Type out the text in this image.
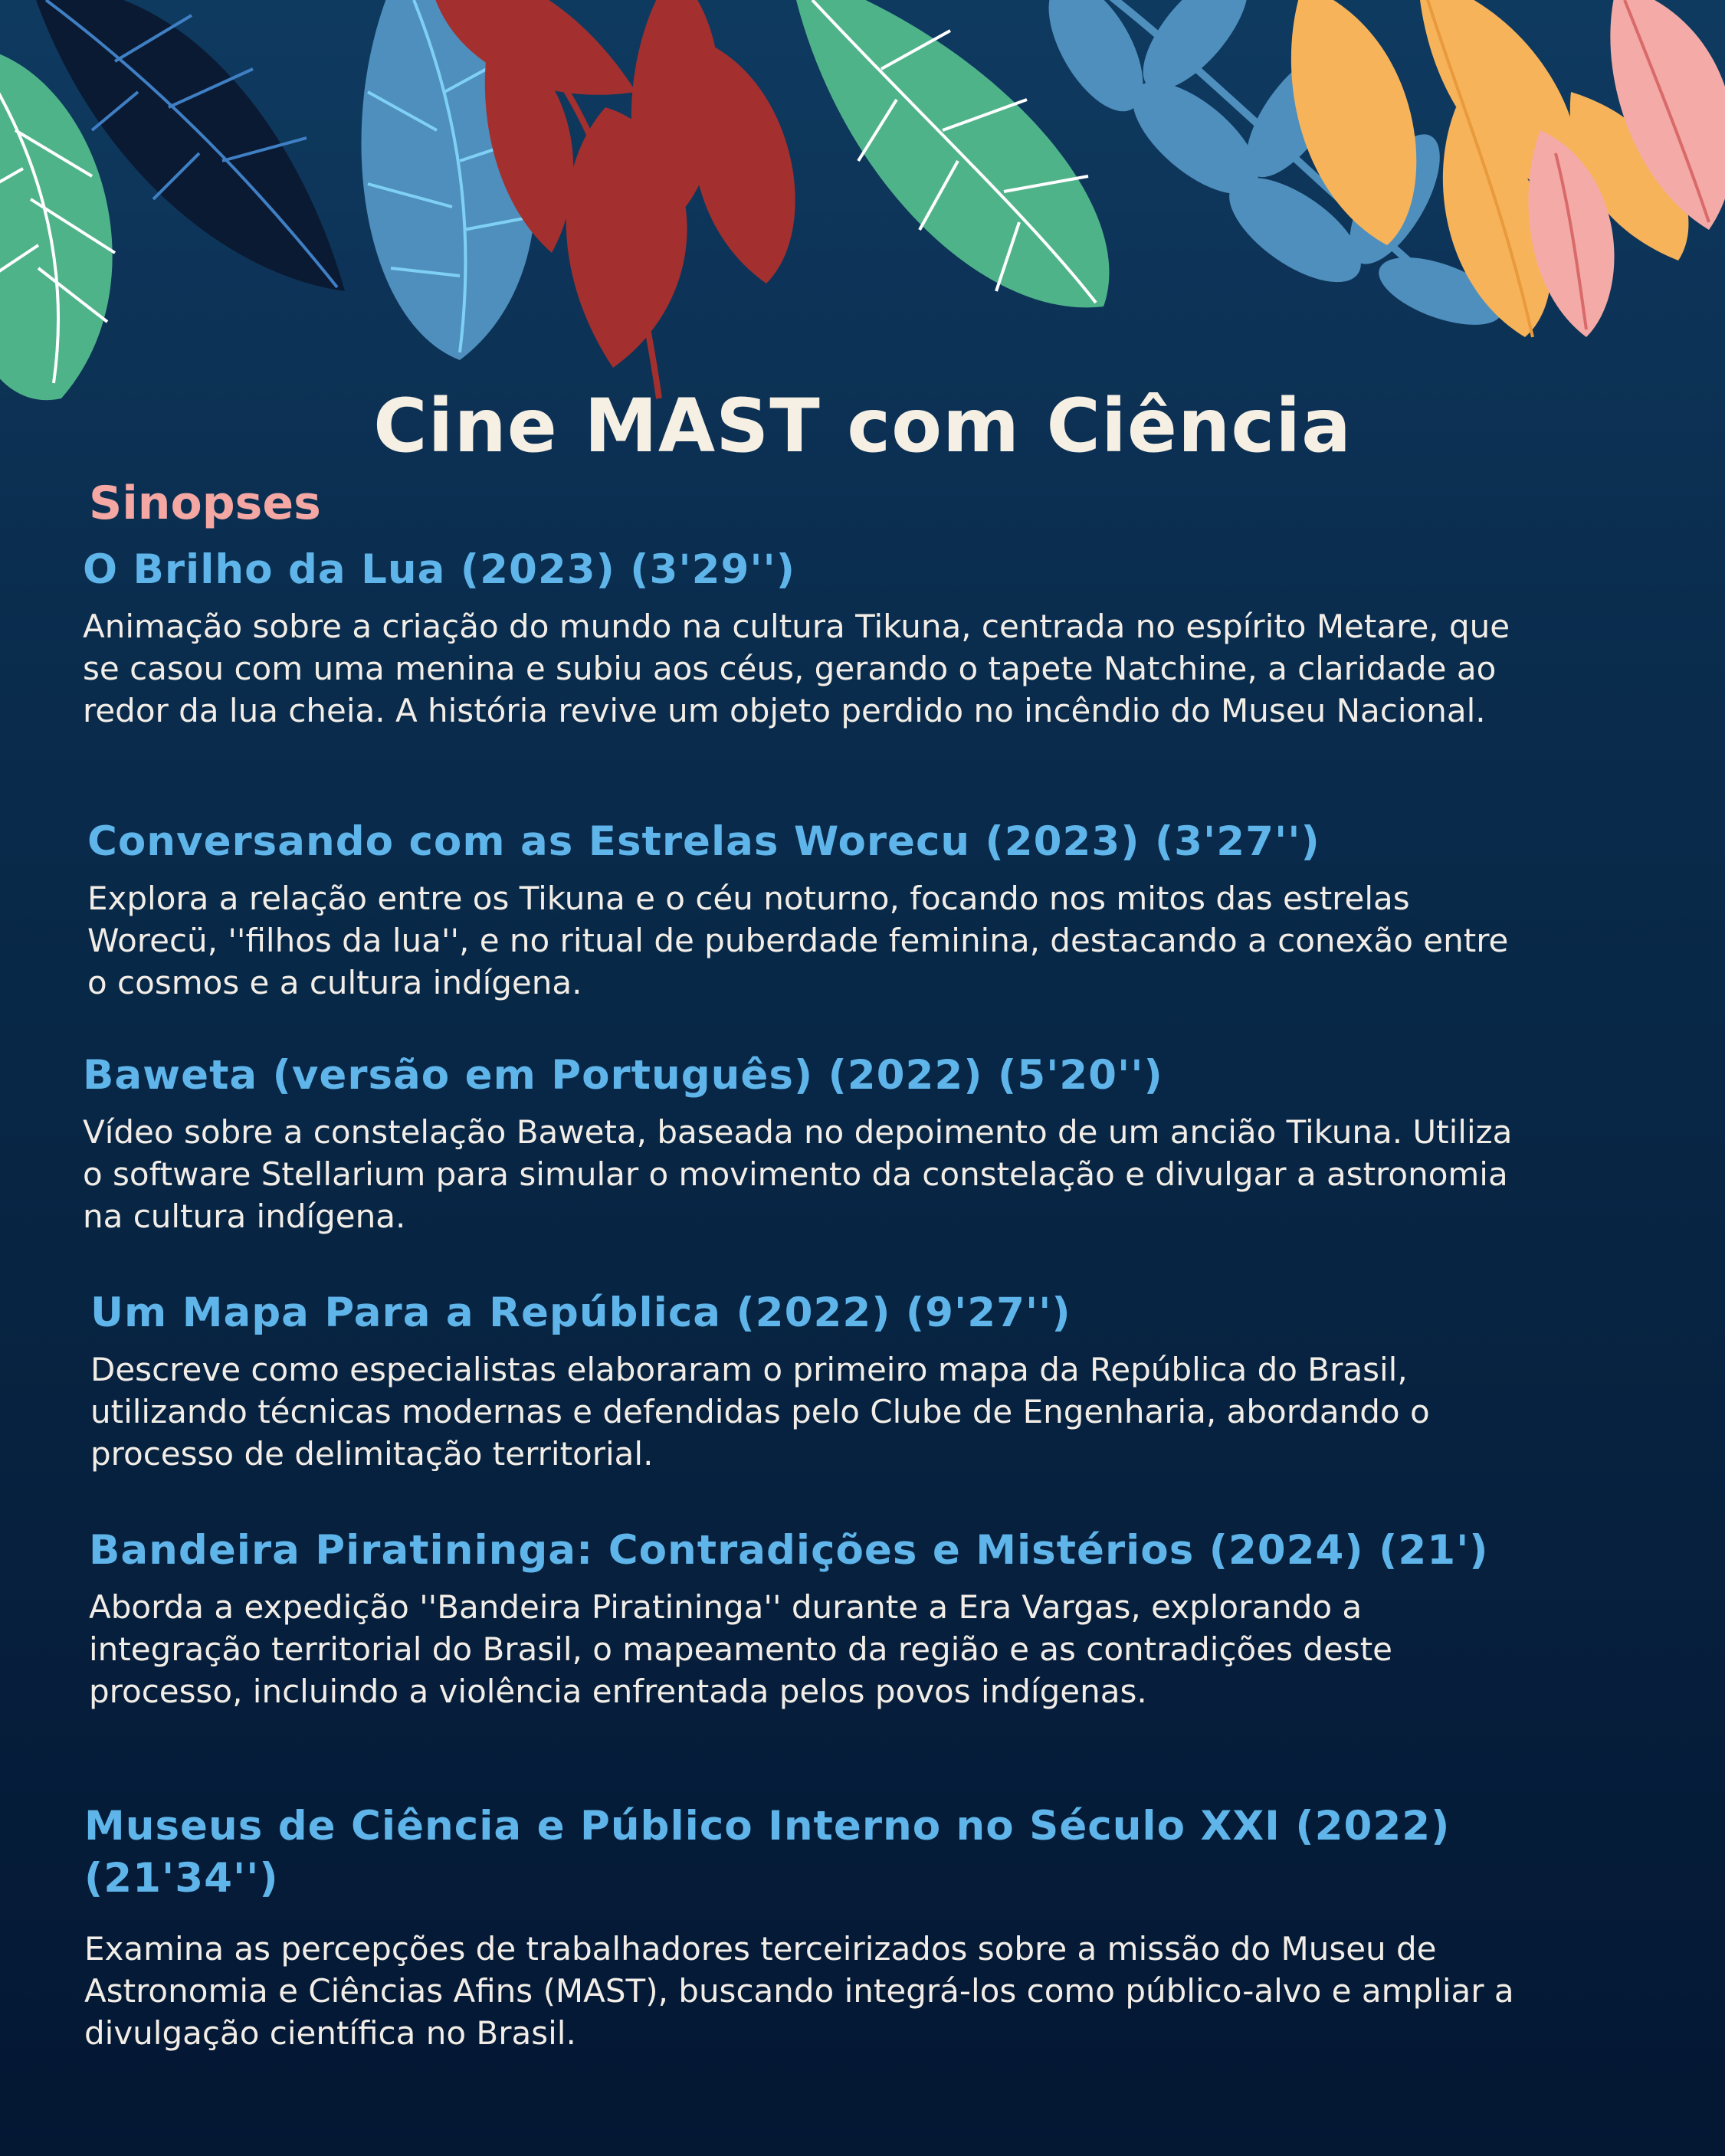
Cine MAST com Ciência
Sinopses
O Brilho da Lua (2023) (3'29'')

Animação sobre a criação do mundo na cultura Tikuna, centrada no espírito Metare, que se casou com uma menina e subiu aos céus, gerando o tapete Natchine, a claridade ao redor da lua cheia. A história revive um objeto perdido no incêndio do Museu Nacional.

Conversando com as Estrelas Worecu (2023) (3'27'')

Explora a relação entre os Tikuna e o céu noturno, focando nos mitos das estrelas Worecü, ''filhos da lua'', e no ritual de puberdade feminina, destacando a conexão entre o cosmos e a cultura indígena.

Baweta (versão em Português) (2022) (5'20'')

Vídeo sobre a constelação Baweta, baseada no depoimento de um ancião Tikuna. Utiliza o software Stellarium para simular o movimento da constelação e divulgar a astronomia na cultura indígena.

Um Mapa Para a República (2022) (9'27'')

Descreve como especialistas elaboraram o primeiro mapa da República do Brasil, utilizando técnicas modernas e defendidas pelo Clube de Engenharia, abordando o processo de delimitação territorial.

Bandeira Piratininga: Contradições e Mistérios (2024) (21')

Aborda a expedição ''Bandeira Piratininga'' durante a Era Vargas, explorando a integração territorial do Brasil, o mapeamento da região e as contradições deste processo, incluindo a violência enfrentada pelos povos indígenas.

Museus de Ciência e Público Interno no Século XXI (2022) (21'34'')

Examina as percepções de trabalhadores terceirizados sobre a missão do Museu de Astronomia e Ciências Afins (MAST), buscando integrá-los como público-alvo e ampliar a divulgação científica no Brasil.
